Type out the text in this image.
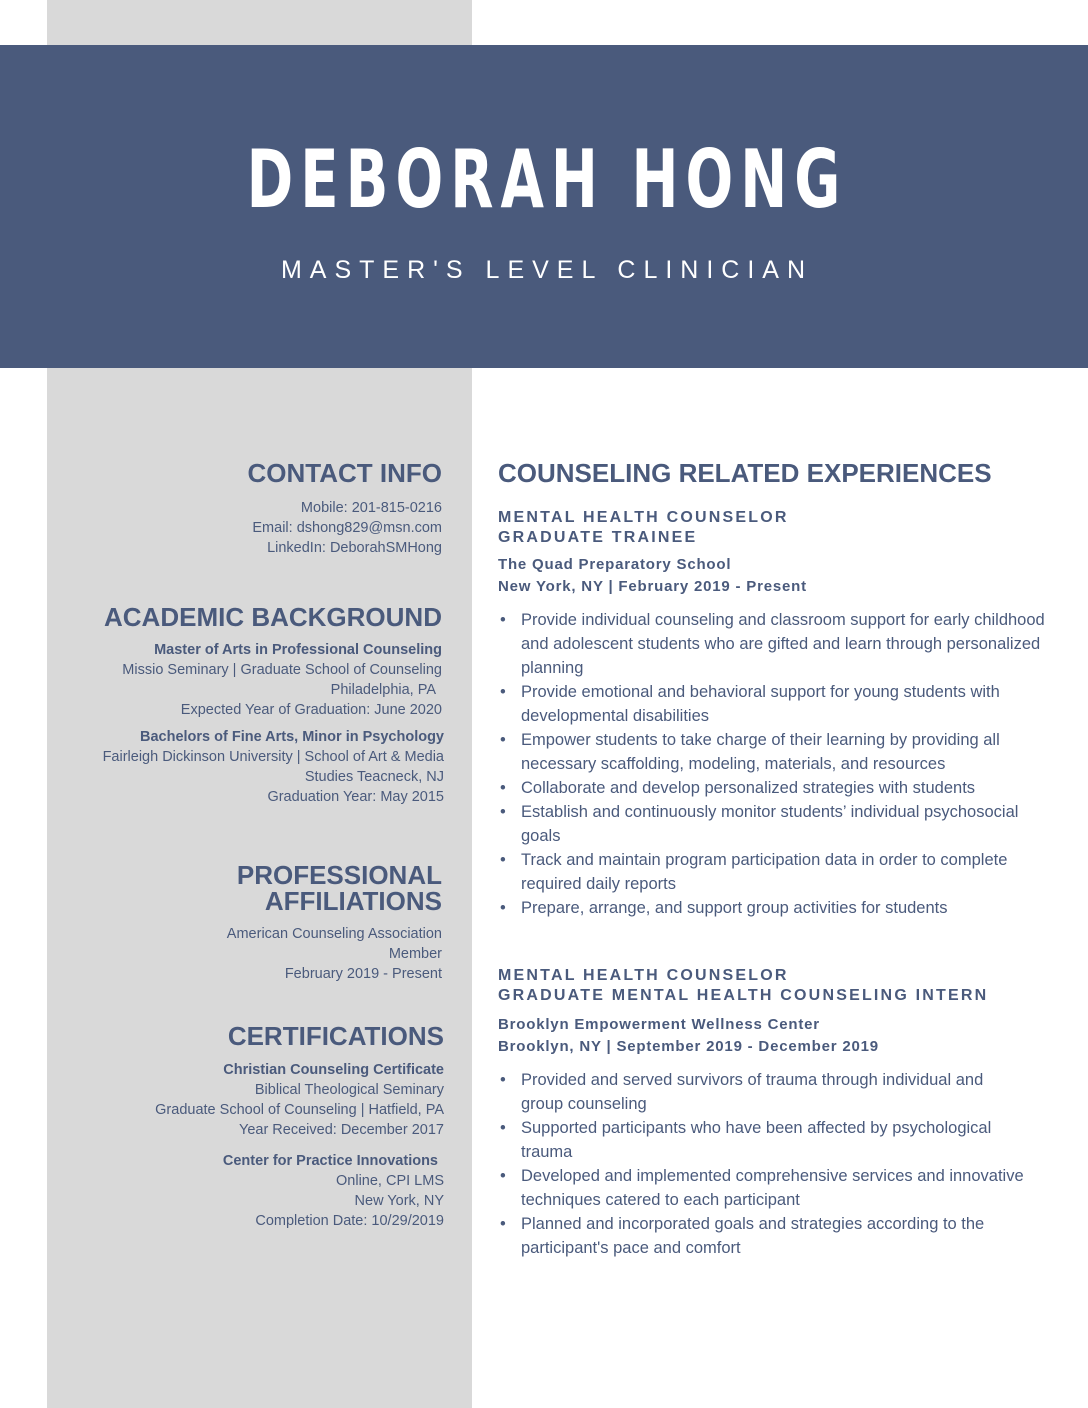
DEBORAH HONG
MASTER'S LEVEL CLINICIAN
CONTACT INFO
Mobile: 201-815-0216
Email: dshong829@msn.com
LinkedIn: DeborahSMHong
ACADEMIC BACKGROUND
Master of Arts in Professional Counseling
Missio Seminary | Graduate School of Counseling
Philadelphia, PA
Expected Year of Graduation: June 2020
Bachelors of Fine Arts, Minor in Psychology
Fairleigh Dickinson University | School of Art & Media
Studies Teacneck, NJ
Graduation Year: May 2015
PROFESSIONAL AFFILIATIONS
American Counseling Association
Member
February 2019 - Present
CERTIFICATIONS
Christian Counseling Certificate
Biblical Theological Seminary
Graduate School of Counseling | Hatfield, PA
Year Received: December 2017
Center for Practice Innovations
Online, CPI LMS
New York, NY
Completion Date: 10/29/2019
COUNSELING RELATED EXPERIENCES
MENTAL HEALTH COUNSELOR
GRADUATE TRAINEE
The Quad Preparatory School
New York, NY | February 2019 - Present
• Provide individual counseling and classroom support for early childhood and adolescent students who are gifted and learn through personalized planning
• Provide emotional and behavioral support for young students with developmental disabilities
• Empower students to take charge of their learning by providing all necessary scaffolding, modeling, materials, and resources
• Collaborate and develop personalized strategies with students
• Establish and continuously monitor students’ individual psychosocial goals
• Track and maintain program participation data in order to complete required daily reports
• Prepare, arrange, and support group activities for students
MENTAL HEALTH COUNSELOR
GRADUATE MENTAL HEALTH COUNSELING INTERN
Brooklyn Empowerment Wellness Center
Brooklyn, NY | September 2019 - December 2019
• Provided and served survivors of trauma through individual and group counseling
• Supported participants who have been affected by psychological trauma
• Developed and implemented comprehensive services and innovative techniques catered to each participant
• Planned and incorporated goals and strategies according to the participant's pace and comfort
